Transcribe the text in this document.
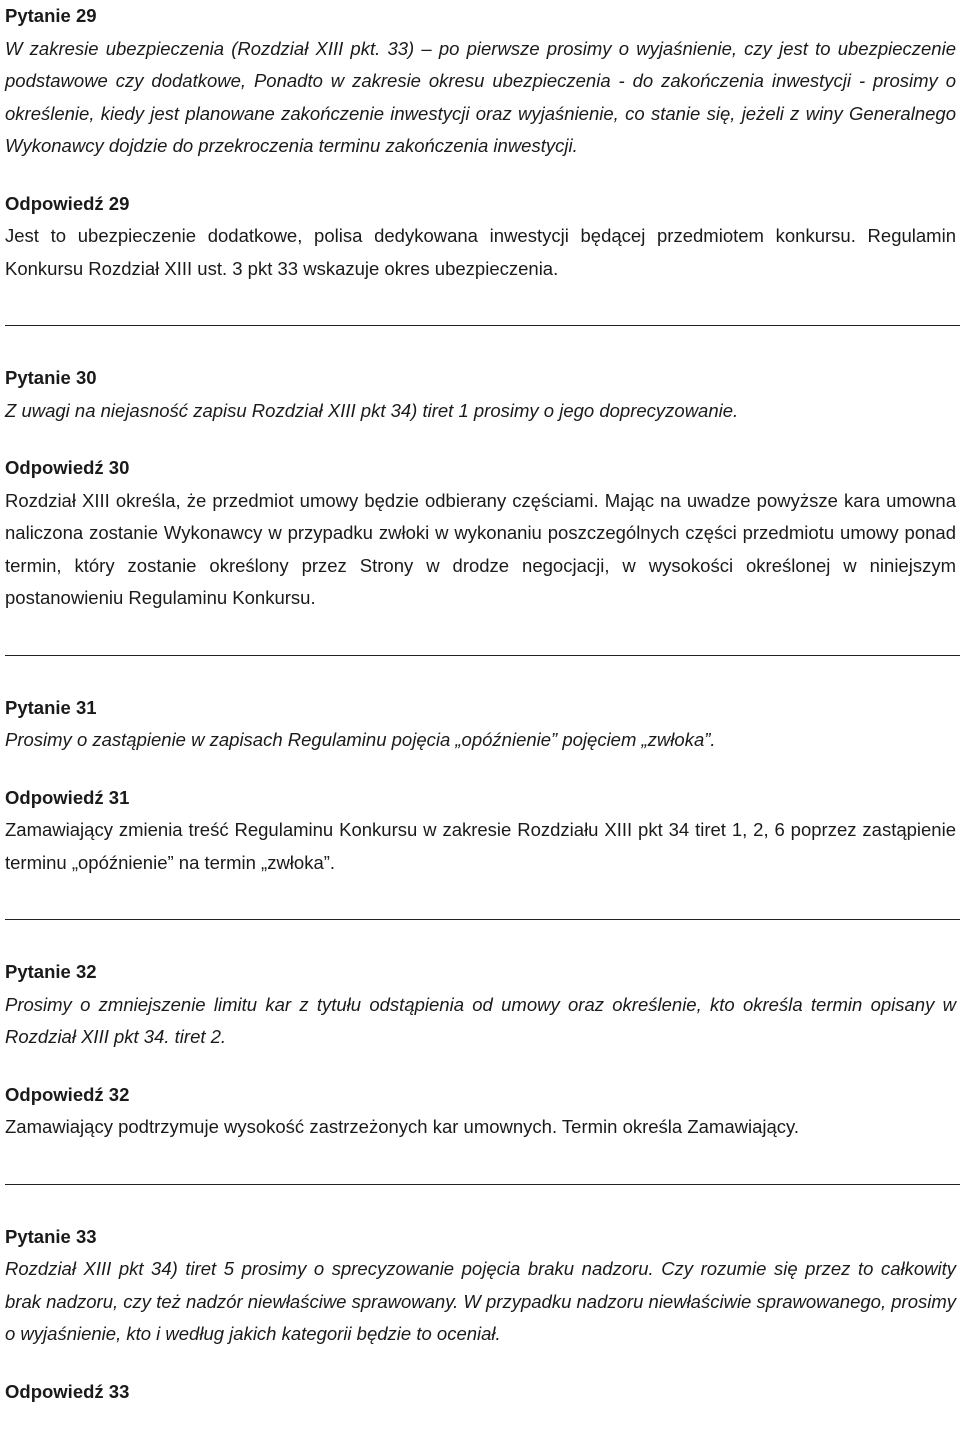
Pytanie 29

W zakresie ubezpieczenia (Rozdział XIII pkt. 33) – po pierwsze prosimy o wyjaśnienie, czy jest to ubezpieczenie podstawowe czy dodatkowe, Ponadto w zakresie okresu ubezpieczenia - do zakończenia inwestycji - prosimy o określenie, kiedy jest planowane zakończenie inwestycji oraz wyjaśnienie, co stanie się, jeżeli z winy Generalnego Wykonawcy dojdzie do przekroczenia terminu zakończenia inwestycji.

Odpowiedź 29

Jest to ubezpieczenie dodatkowe, polisa dedykowana inwestycji będącej przedmiotem konkursu. Regulamin Konkursu Rozdział XIII ust. 3 pkt 33 wskazuje okres ubezpieczenia.

Pytanie 30

Z uwagi na niejasność zapisu Rozdział XIII pkt 34) tiret 1 prosimy o jego doprecyzowanie.

Odpowiedź 30

Rozdział XIII określa, że przedmiot umowy będzie odbierany częściami. Mając na uwadze powyższe kara umowna naliczona zostanie Wykonawcy w przypadku zwłoki w wykonaniu poszczególnych części przedmiotu umowy ponad termin, który zostanie określony przez Strony w drodze negocjacji, w wysokości określonej w niniejszym postanowieniu Regulaminu Konkursu.

Pytanie 31

Prosimy o zastąpienie w zapisach Regulaminu pojęcia „opóźnienie” pojęciem „zwłoka”.

Odpowiedź 31

Zamawiający zmienia treść Regulaminu Konkursu w zakresie Rozdziału XIII pkt 34 tiret 1, 2, 6 poprzez zastąpienie terminu „opóźnienie” na termin „zwłoka”.

Pytanie 32

Prosimy o zmniejszenie limitu kar z tytułu odstąpienia od umowy oraz określenie, kto określa termin opisany w Rozdział XIII pkt 34. tiret 2.

Odpowiedź 32

Zamawiający podtrzymuje wysokość zastrzeżonych kar umownych. Termin określa Zamawiający.

Pytanie 33

Rozdział XIII pkt 34) tiret 5 prosimy o sprecyzowanie pojęcia braku nadzoru. Czy rozumie się przez to całkowity brak nadzoru, czy też nadzór niewłaściwe sprawowany. W przypadku nadzoru niewłaściwie sprawowanego, prosimy o wyjaśnienie, kto i według jakich kategorii będzie to oceniał.

Odpowiedź 33
